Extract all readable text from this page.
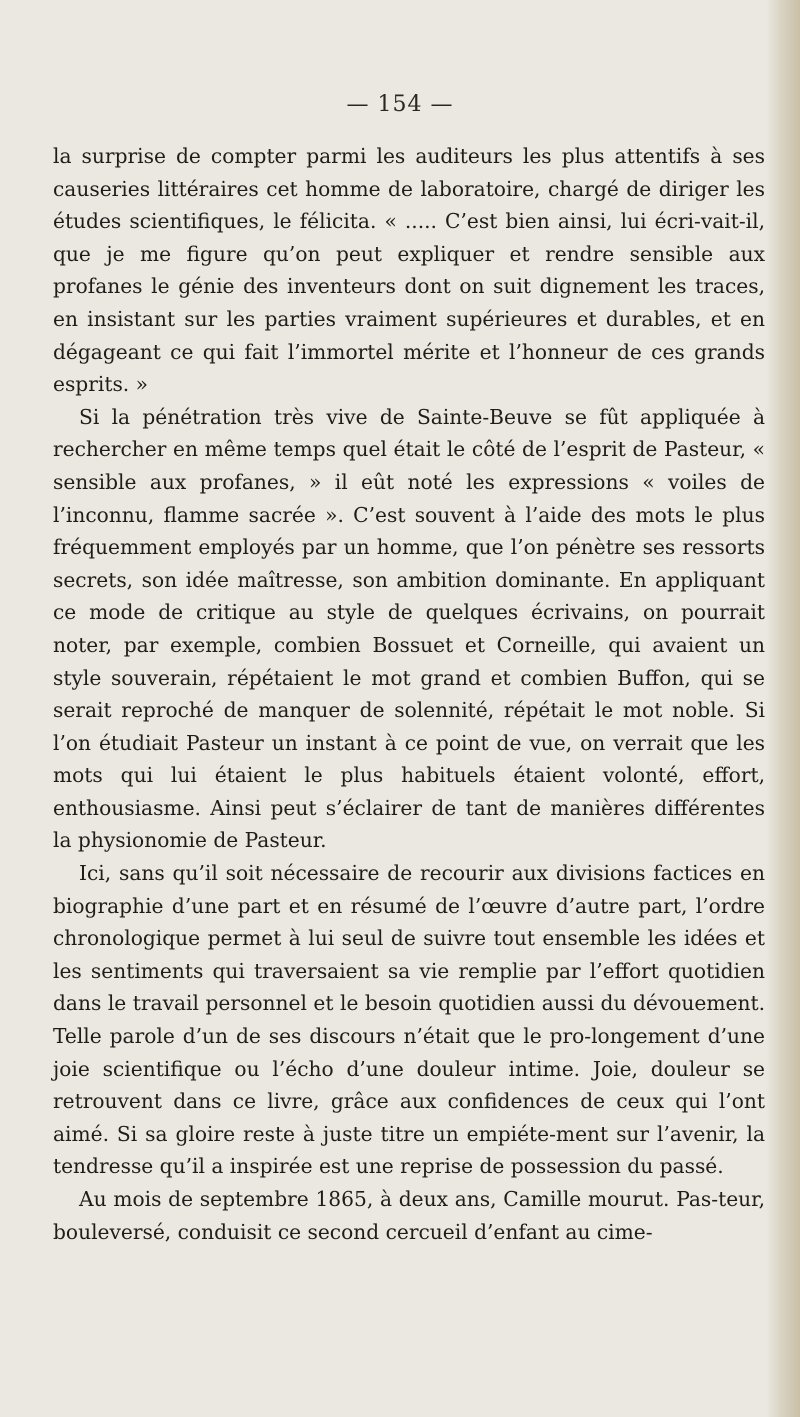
— 154 —

la surprise de compter parmi les auditeurs les plus attentifs à ses causeries littéraires cet homme de laboratoire, chargé de diriger les études scientifiques, le félicita. « ..... C’est bien ainsi, lui écri-vait-il, que je me figure qu’on peut expliquer et rendre sensible aux profanes le génie des inventeurs dont on suit dignement les traces, en insistant sur les parties vraiment supérieures et durables, et en dégageant ce qui fait l’immortel mérite et l’honneur de ces grands esprits. »

Si la pénétration très vive de Sainte-Beuve se fût appliquée à rechercher en même temps quel était le côté de l’esprit de Pasteur, « sensible aux profanes, » il eût noté les expressions « voiles de l’inconnu, flamme sacrée ». C’est souvent à l’aide des mots le plus fréquemment employés par un homme, que l’on pénètre ses ressorts secrets, son idée maîtresse, son ambition dominante. En appliquant ce mode de critique au style de quelques écrivains, on pourrait noter, par exemple, combien Bossuet et Corneille, qui avaient un style souverain, répétaient le mot grand et combien Buffon, qui se serait reproché de manquer de solennité, répétait le mot noble. Si l’on étudiait Pasteur un instant à ce point de vue, on verrait que les mots qui lui étaient le plus habituels étaient volonté, effort, enthousiasme. Ainsi peut s’éclairer de tant de manières différentes la physionomie de Pasteur.

Ici, sans qu’il soit nécessaire de recourir aux divisions factices en biographie d’une part et en résumé de l’œuvre d’autre part, l’ordre chronologique permet à lui seul de suivre tout ensemble les idées et les sentiments qui traversaient sa vie remplie par l’effort quotidien dans le travail personnel et le besoin quotidien aussi du dévouement. Telle parole d’un de ses discours n’était que le pro-longement d’une joie scientifique ou l’écho d’une douleur intime. Joie, douleur se retrouvent dans ce livre, grâce aux confidences de ceux qui l’ont aimé. Si sa gloire reste à juste titre un empiéte-ment sur l’avenir, la tendresse qu’il a inspirée est une reprise de possession du passé.

Au mois de septembre 1865, à deux ans, Camille mourut. Pas-teur, bouleversé, conduisit ce second cercueil d’enfant au cime-
